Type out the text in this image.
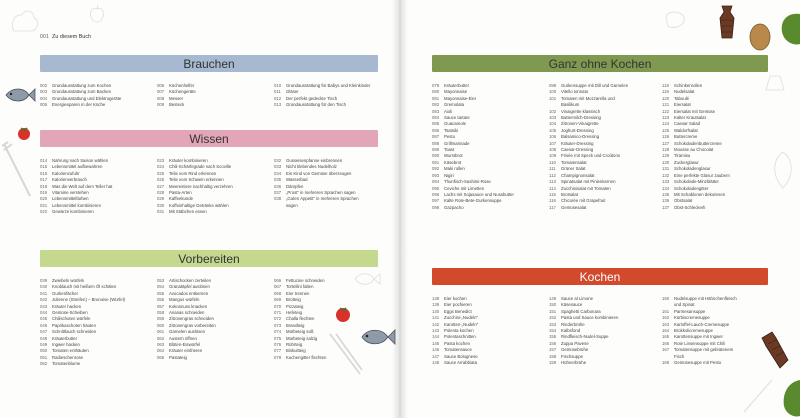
001 Zu diesem Buch
Brauchen
002	Grundausstattung zum Kochen
003	Grundausstattung zum Backen
004	Grundausstattung und Elektrogeräte
005	Energiesparen in der Küche
006	Küchenhelfer
007	Küchengeräte
008	Messer
009	Besteck
010	Grundausstattung für Babys und Kleinkinder
011	Gläser
012	Der perfekt gedeckte Tisch
013	Grundausstattung für den Tisch
Wissen
014	Nahrung nach Saison wählen
015	Lebensmittel aufbewahren
016	Kalorienzufuhr
017	Kalorienverbrauch
018	Was die Welt auf dem Teller hat
019	Vitamine verstehen
020	Lebensmittelfarben
021	Lebensmittel kombinieren
022	Gewürze kombinieren
023	Kräuter kombinieren
024	Chili-Schärfegrade nach Scoville
025	Teile vom Rind erkennen
026	Teile vom Schwein erkennen
027	Meerestiere nachhaltig verzehren
028	Pasta-Arten
029	Kaffeekunde
030	Koffeinhaltige Getränke wählen
031	Mit Stäbchen essen
032	Gusseisenpfanne einbrennen
033	Nicht klebendes Nudelholz
034	Ein Kind von Gemüse überzeugen
035	Wasserbad
036	Dämpfen
037	„Prost“ in mehreren Sprachen sagen
038	„Guten Appetit“ in mehreren Sprachen
sagen
Vorbereiten
039	Zwiebeln würfeln
040	Knoblauch mit heißem Öl schälen
041	Gurkenfächer
042	Julienne (Streifen) – Brunoise (Würfel)
043	Kräuter hacken
044	Gemüse-Scheiben
045	Chilischoten würfeln
046	Paprikaschoten häuten
047	Schnittlauch schneiden
048	Kräuterbutter
049	Ingwer hacken
050	Tomaten enthäuten
051	Radieschenrose
052	Tomatenblume
053	Artischocken zerteilen
054	Granatäpfel auslösen
055	Avocados entkernen
056	Mangos würfeln
057	Kokosnuss knacken
058	Ananas schneiden
059	Zitronengras schneiden
060	Zitronengras vorbereiten
061	Garnelen auslösen
062	Austern öffnen
063	Blüten-Eiswürfel
064	Kräuter einfrieren
065	Pastateig
066	Fettucine schneiden
067	Tortellini falten
068	Eier trennen
069	Brotteig
070	Pizzateig
071	Hefeteig
072	Challa flechten
073	Brandteig
074	Mürbeteig süß
075	Mürbeteig salzig
076	Rührteig
077	Biskuitteig
078	Kuchengitter flechten
Ganz ohne Kochen
079	Kräuterbutter
080	Mayonnaise
081	Mayonnaise-Eier
082	Gremolata
083	Aioli
084	Sauce tartare
085	Guacamole
086	Tsatsiki
087	Pesto
088	Grillmarinade
089	Toast
090	Wurstbrot
091	Käsebrot
092	Maki rollen
093	Nigiri
094	Thunfisch-Sashimi-Rose
095	Ceviche mit Limetten
096	Lachs mit Sojasauce und Nussbutter
097	Kalte Rote-Bete-Gurkensuppe
098	Gazpacho
099	Gurkensuppe mit Dill und Garnelen
100	Vitello tonnato
101	Tomaten mit Mozzarella und
Basilikum
102	Vinaigrette klassisch
103	Buttermilch-Dressing
104	Zitronen-Vinaigrette
105	Joghurt-Dressing
106	Balsamico-Dressing
107	Kräuter-Dressing
108	Caesar-Dressing
109	Frisée mit Speck und Croûtons
110	Tomatensalat
111	Grüner Salat
112	Champignonsalat
113	Spinatsalat mit Pinienkernen
114	Zucchinisalat mit Tomaten
115	Brotsalat
116	Chicorée mit Grapefruit
117	Gemüsesalat
118	Schinkenrollen
119	Nudelsalat
120	Taboulé
121	Eiersalat
122	Eiersalat mit Gemüse
123	Kalter Krautsalat
124	Caesar Salad
125	Waldorfsalat
126	Buttercreme
127	Schokoladenbuttercreme
128	Mousse au Chocolat
129	Tiramisu
130	Zuckerglasur
131	Schokoladenglasur
132	Eine perfekte Glasur zaubern
133	Schokolade-Minzblätter
134	Schokoladengitter
135	Mit Schablonen dekorieren
136	Obstsalat
137	Obst-Schleckerli
Kochen
138	Eier kochen
139	Eier pochieren
140	Eggs Benedict
141	Zucchini-„Nudeln“
142	Karotten-„Nudeln“
143	Polenta kochen
144	Polentaschnitten
145	Pasta kochen
146	Tomatensauce
147	Sauce Bolognese
148	Sauce Arrabbiata
149	Sauce al Limone
150	Käsesauce
151	Spaghetti Carbonara
152	Pasta und Sauce kombinieren
153	Rinderbrühe
154	Kalbsfond
155	Rindfleisch-Nudel-Suppe
156	Zuppa Pavese
157	Gemüsebrühe
158	Fischsuppe
159	Hühnerbrühe
160	Nudelsuppe mit Hähnchenfleisch
und Spinat
161	Parmesansuppe
162	Kürbiscremesuppe
163	Kartoffel-Lauch-Cremesuppe
164	Brokkolicremesuppe
165	Karottensuppe mit Ingwer
166	Rote Linsensuppe mit Chili
167	Tomatensuppe mit gebratenem
Fisch
168	Gemüsesuppe mit Pesto
